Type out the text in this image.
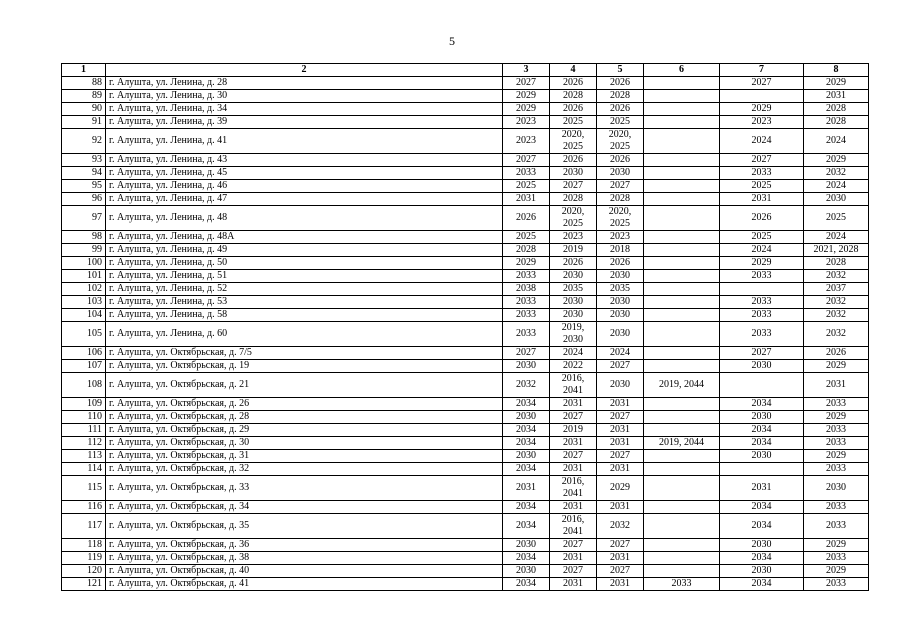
5
1	2	3	4	5	6	7	8
88	г. Алушта, ул. Ленина, д. 28	2027	2026	2026		2027	2029
89	г. Алушта, ул. Ленина, д. 30	2029	2028	2028			2031
90	г. Алушта, ул. Ленина, д. 34	2029	2026	2026		2029	2028
91	г. Алушта, ул. Ленина, д. 39	2023	2025	2025		2023	2028
92	г. Алушта, ул. Ленина, д. 41	2023	2020, 2025	2020, 2025		2024	2024
93	г. Алушта, ул. Ленина, д. 43	2027	2026	2026		2027	2029
94	г. Алушта, ул. Ленина, д. 45	2033	2030	2030		2033	2032
95	г. Алушта, ул. Ленина, д. 46	2025	2027	2027		2025	2024
96	г. Алушта, ул. Ленина, д. 47	2031	2028	2028		2031	2030
97	г. Алушта, ул. Ленина, д. 48	2026	2020, 2025	2020, 2025		2026	2025
98	г. Алушта, ул. Ленина, д. 48А	2025	2023	2023		2025	2024
99	г. Алушта, ул. Ленина, д. 49	2028	2019	2018		2024	2021, 2028
100	г. Алушта, ул. Ленина, д. 50	2029	2026	2026		2029	2028
101	г. Алушта, ул. Ленина, д. 51	2033	2030	2030		2033	2032
102	г. Алушта, ул. Ленина, д. 52	2038	2035	2035			2037
103	г. Алушта, ул. Ленина, д. 53	2033	2030	2030		2033	2032
104	г. Алушта, ул. Ленина, д. 58	2033	2030	2030		2033	2032
105	г. Алушта, ул. Ленина, д. 60	2033	2019, 2030	2030		2033	2032
106	г. Алушта, ул. Октябрьская, д. 7/5	2027	2024	2024		2027	2026
107	г. Алушта, ул. Октябрьская, д. 19	2030	2022	2027		2030	2029
108	г. Алушта, ул. Октябрьская, д. 21	2032	2016, 2041	2030	2019, 2044		2031
109	г. Алушта, ул. Октябрьская, д. 26	2034	2031	2031		2034	2033
110	г. Алушта, ул. Октябрьская, д. 28	2030	2027	2027		2030	2029
111	г. Алушта, ул. Октябрьская, д. 29	2034	2019	2031		2034	2033
112	г. Алушта, ул. Октябрьская, д. 30	2034	2031	2031	2019, 2044	2034	2033
113	г. Алушта, ул. Октябрьская, д. 31	2030	2027	2027		2030	2029
114	г. Алушта, ул. Октябрьская, д. 32	2034	2031	2031			2033
115	г. Алушта, ул. Октябрьская, д. 33	2031	2016, 2041	2029		2031	2030
116	г. Алушта, ул. Октябрьская, д. 34	2034	2031	2031		2034	2033
117	г. Алушта, ул. Октябрьская, д. 35	2034	2016, 2041	2032		2034	2033
118	г. Алушта, ул. Октябрьская, д. 36	2030	2027	2027		2030	2029
119	г. Алушта, ул. Октябрьская, д. 38	2034	2031	2031		2034	2033
120	г. Алушта, ул. Октябрьская, д. 40	2030	2027	2027		2030	2029
121	г. Алушта, ул. Октябрьская, д. 41	2034	2031	2031	2033	2034	2033
